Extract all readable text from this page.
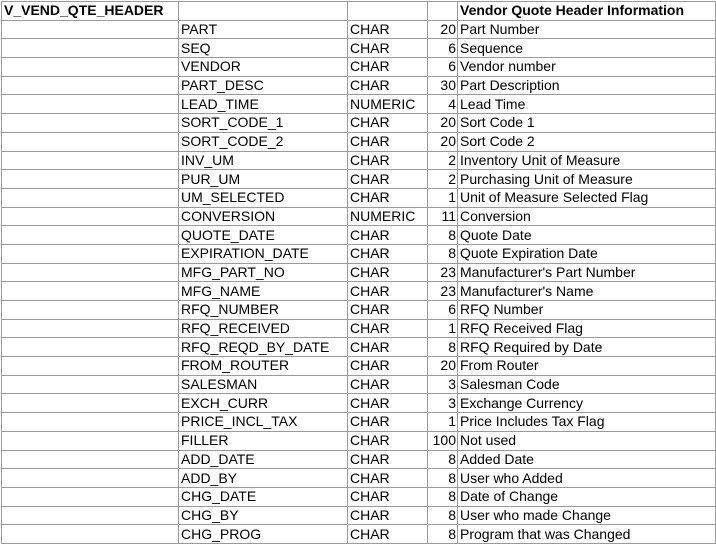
V_VEND_QTE_HEADER				Vendor Quote Header Information
	PART	CHAR	20	Part Number
	SEQ	CHAR	6	Sequence
	VENDOR	CHAR	6	Vendor number
	PART_DESC	CHAR	30	Part Description
	LEAD_TIME	NUMERIC	4	Lead Time
	SORT_CODE_1	CHAR	20	Sort Code 1
	SORT_CODE_2	CHAR	20	Sort Code 2
	INV_UM	CHAR	2	Inventory Unit of Measure
	PUR_UM	CHAR	2	Purchasing Unit of Measure
	UM_SELECTED	CHAR	1	Unit of Measure Selected Flag
	CONVERSION	NUMERIC	11	Conversion
	QUOTE_DATE	CHAR	8	Quote Date
	EXPIRATION_DATE	CHAR	8	Quote Expiration Date
	MFG_PART_NO	CHAR	23	Manufacturer's Part Number
	MFG_NAME	CHAR	23	Manufacturer's Name
	RFQ_NUMBER	CHAR	6	RFQ Number
	RFQ_RECEIVED	CHAR	1	RFQ Received Flag
	RFQ_REQD_BY_DATE	CHAR	8	RFQ Required by Date
	FROM_ROUTER	CHAR	20	From Router
	SALESMAN	CHAR	3	Salesman Code
	EXCH_CURR	CHAR	3	Exchange Currency
	PRICE_INCL_TAX	CHAR	1	Price Includes Tax Flag
	FILLER	CHAR	100	Not used
	ADD_DATE	CHAR	8	Added Date
	ADD_BY	CHAR	8	User who Added
	CHG_DATE	CHAR	8	Date of Change
	CHG_BY	CHAR	8	User who made Change
	CHG_PROG	CHAR	8	Program that was Changed
